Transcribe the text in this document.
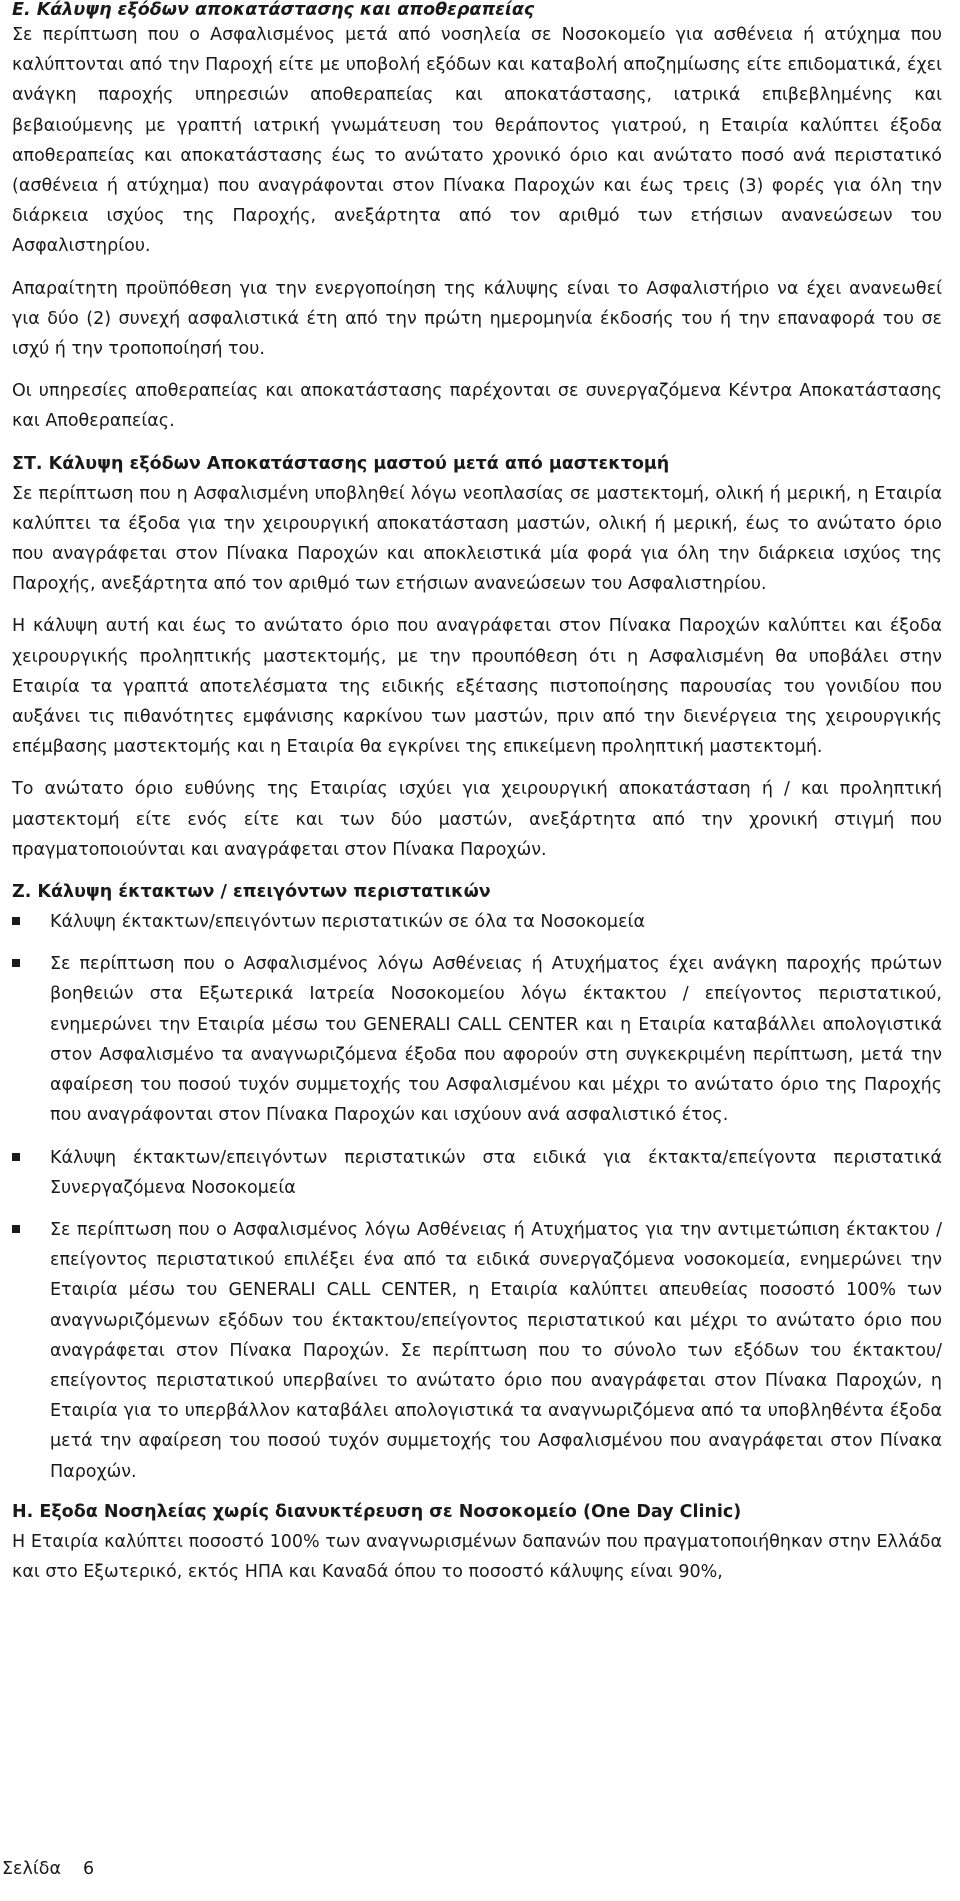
Ε. Κάλυψη εξόδων αποκατάστασης και αποθεραπείας

Σε περίπτωση που ο Ασφαλισμένος μετά από νοσηλεία σε Νοσοκομείο για ασθένεια ή ατύχημα που καλύπτονται από την Παροχή είτε με υποβολή εξόδων και καταβολή αποζημίωσης είτε επιδοματικά, έχει ανάγκη παροχής υπηρεσιών αποθεραπείας και αποκατάστασης, ιατρικά επιβεβλημένης και βεβαιούμενης με γραπτή ιατρική γνωμάτευση του θεράποντος γιατρού, η Εταιρία καλύπτει έξοδα αποθεραπείας και αποκατάστασης έως το ανώτατο χρονικό όριο και ανώτατο ποσό ανά περιστατικό (ασθένεια ή ατύχημα) που αναγράφονται στον Πίνακα Παροχών και έως τρεις (3) φορές για όλη την διάρκεια ισχύος της Παροχής, ανεξάρτητα από τον αριθμό των ετήσιων ανανεώσεων του Ασφαλιστηρίου.

Απαραίτητη προϋπόθεση για την ενεργοποίηση της κάλυψης είναι το Ασφαλιστήριο να έχει ανανεωθεί για δύο (2) συνεχή ασφαλιστικά έτη από την πρώτη ημερομηνία έκδοσής του ή την επαναφορά του σε ισχύ ή την τροποποίησή του.

Οι υπηρεσίες αποθεραπείας και αποκατάστασης παρέχονται σε συνεργαζόμενα Κέντρα Αποκατάστασης και Αποθεραπείας.

ΣΤ. Κάλυψη εξόδων Αποκατάστασης μαστού μετά από μαστεκτομή

Σε περίπτωση που η Ασφαλισμένη υποβληθεί λόγω νεοπλασίας σε μαστεκτομή, ολική ή μερική, η Εταιρία καλύπτει τα έξοδα για την χειρουργική αποκατάσταση μαστών, ολική ή μερική, έως το ανώτατο όριο που αναγράφεται στον Πίνακα Παροχών και αποκλειστικά μία φορά για όλη την διάρκεια ισχύος της Παροχής, ανεξάρτητα από τον αριθμό των ετήσιων ανανεώσεων του Ασφαλιστηρίου.

Η κάλυψη αυτή και έως το ανώτατο όριο που αναγράφεται στον Πίνακα Παροχών καλύπτει και έξοδα χειρουργικής προληπτικής μαστεκτομής, με την προυπόθεση ότι η Ασφαλισμένη θα υποβάλει στην Εταιρία τα γραπτά αποτελέσματα της ειδικής εξέτασης πιστοποίησης παρουσίας του γονιδίου που αυξάνει τις πιθανότητες εμφάνισης καρκίνου των μαστών, πριν από την διενέργεια της χειρουργικής επέμβασης μαστεκτομής και η Εταιρία θα εγκρίνει της επικείμενη προληπτική μαστεκτομή.

Το ανώτατο όριο ευθύνης της Εταιρίας ισχύει για χειρουργική αποκατάσταση ή / και προληπτική μαστεκτομή είτε ενός είτε και των δύο μαστών, ανεξάρτητα από την χρονική στιγμή που πραγματοποιούνται και αναγράφεται στον Πίνακα Παροχών.

Ζ. Κάλυψη έκτακτων / επειγόντων περιστατικών
Κάλυψη έκτακτων/επειγόντων περιστατικών σε όλα τα Νοσοκομεία
Σε περίπτωση που ο Ασφαλισμένος λόγω Ασθένειας ή Ατυχήματος έχει ανάγκη παροχής πρώτων βοηθειών στα Εξωτερικά Ιατρεία Νοσοκομείου λόγω έκτακτου / επείγοντος περιστατικού, ενημερώνει την Εταιρία μέσω του GENERALI CALL CENTER και η Εταιρία καταβάλλει απολογιστικά στον Ασφαλισμένο τα αναγνωριζόμενα έξοδα που αφορούν στη συγκεκριμένη περίπτωση, μετά την αφαίρεση του ποσού τυχόν συμμετοχής του Ασφαλισμένου και μέχρι το ανώτατο όριο της Παροχής που αναγράφονται στον Πίνακα Παροχών και ισχύουν ανά ασφαλιστικό έτος.
Κάλυψη έκτακτων/επειγόντων περιστατικών στα ειδικά για έκτακτα/επείγοντα περιστατικά Συνεργαζόμενα Νοσοκομεία
Σε περίπτωση που ο Ασφαλισμένος λόγω Ασθένειας ή Ατυχήματος για την αντιμετώπιση έκτακτου / επείγοντος περιστατικού επιλέξει ένα από τα ειδικά συνεργαζόμενα νοσοκομεία, ενημερώνει την Εταιρία μέσω του GENERALI CALL CENTER, η Εταιρία καλύπτει απευθείας ποσοστό 100% των αναγνωριζόμενων εξόδων του έκτακτου/επείγοντος περιστατικού και μέχρι το ανώτατο όριο που αναγράφεται στον Πίνακα Παροχών. Σε περίπτωση που το σύνολο των εξόδων του έκτακτου/επείγοντος περιστατικού υπερβαίνει το ανώτατο όριο που αναγράφεται στον Πίνακα Παροχών, η Εταιρία για το υπερβάλλον καταβάλει απολογιστικά τα αναγνωριζόμενα από τα υποβληθέντα έξοδα μετά την αφαίρεση του ποσού τυχόν συμμετοχής του Ασφαλισμένου που αναγράφεται στον Πίνακα Παροχών.
Η. Εξοδα Νοσηλείας χωρίς διανυκτέρευση σε Νοσοκομείο (One Day Clinic)

Η Εταιρία καλύπτει ποσοστό 100% των αναγνωρισμένων δαπανών που πραγματοποιήθηκαν στην Ελλάδα και στο Εξωτερικό, εκτός ΗΠΑ και Καναδά όπου το ποσοστό κάλυψης είναι 90%,

Σελίδα 6
